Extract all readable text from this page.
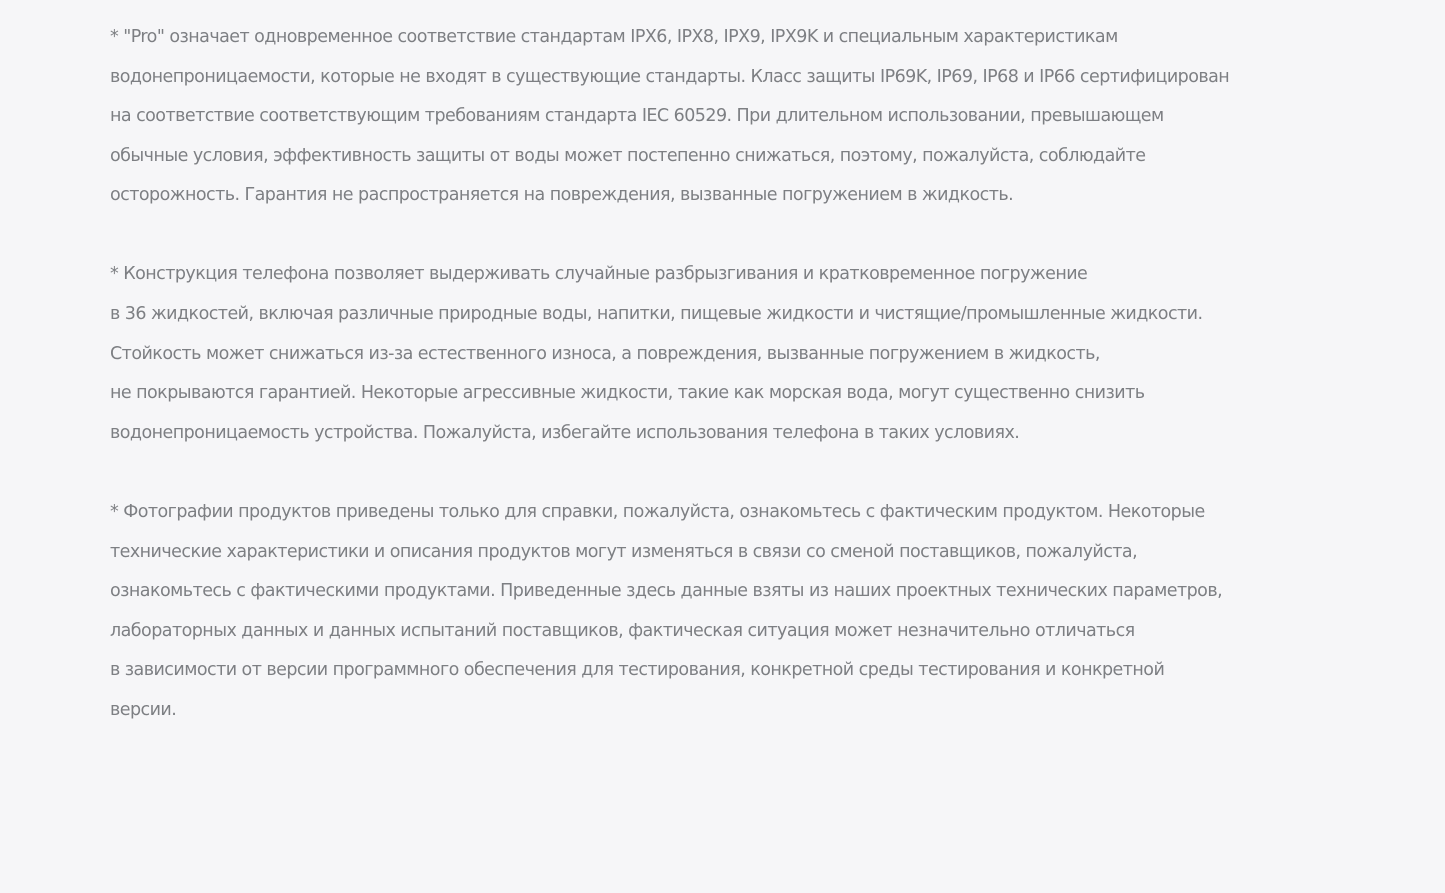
* "Pro" означает одновременное соответствие стандартам IPX6, IPX8, IPX9, IPX9K и специальным характеристикам
водонепроницаемости, которые не входят в существующие стандарты. Класс защиты IP69K, IP69, IP68 и IP66 сертифицирован
на соответствие соответствующим требованиям стандарта IEC 60529. При длительном использовании, превышающем
обычные условия, эффективность защиты от воды может постепенно снижаться, поэтому, пожалуйста, соблюдайте
осторожность. Гарантия не распространяется на повреждения, вызванные погружением в жидкость.
* Конструкция телефона позволяет выдерживать случайные разбрызгивания и кратковременное погружение
в 36 жидкостей, включая различные природные воды, напитки, пищевые жидкости и чистящие/промышленные жидкости.
Стойкость может снижаться из-за естественного износа, а повреждения, вызванные погружением в жидкость,
не покрываются гарантией. Некоторые агрессивные жидкости, такие как морская вода, могут существенно снизить
водонепроницаемость устройства. Пожалуйста, избегайте использования телефона в таких условиях.
* Фотографии продуктов приведены только для справки, пожалуйста, ознакомьтесь с фактическим продуктом. Некоторые
технические характеристики и описания продуктов могут изменяться в связи со сменой поставщиков, пожалуйста,
ознакомьтесь с фактическими продуктами. Приведенные здесь данные взяты из наших проектных технических параметров,
лабораторных данных и данных испытаний поставщиков, фактическая ситуация может незначительно отличаться
в зависимости от версии программного обеспечения для тестирования, конкретной среды тестирования и конкретной
версии.
